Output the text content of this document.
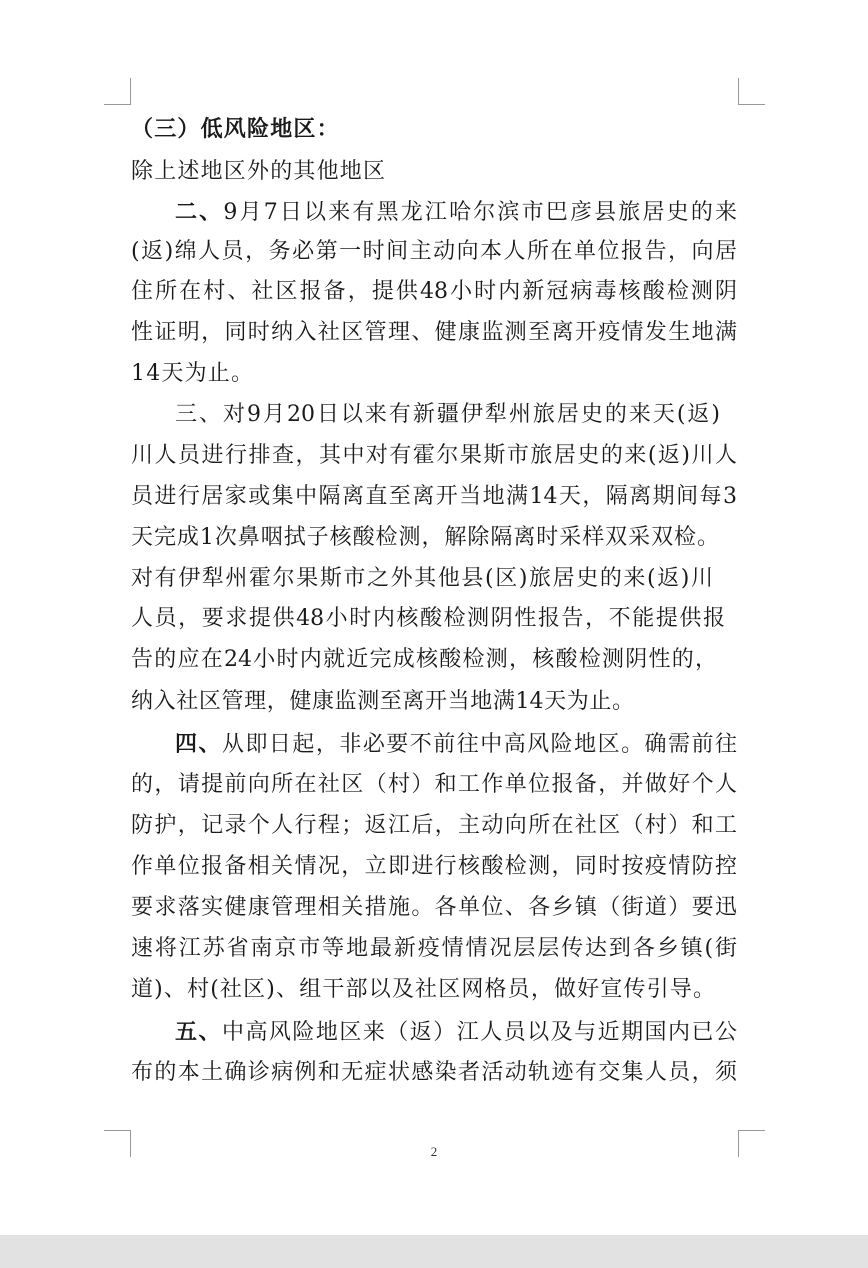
（三）低风险地区：
除上述地区外的其他地区
二、9月7日以来有黑龙江哈尔滨市巴彦县旅居史的来
(返)绵人员，务必第一时间主动向本人所在单位报告，向居
住所在村、社区报备，提供48小时内新冠病毒核酸检测阴
性证明，同时纳入社区管理、健康监测至离开疫情发生地满
14天为止。
三、对9月20日以来有新疆伊犁州旅居史的来天(返)
川人员进行排查，其中对有霍尔果斯市旅居史的来(返)川人
员进行居家或集中隔离直至离开当地满14天，隔离期间每3
天完成1次鼻咽拭子核酸检测，解除隔离时采样双采双检。
对有伊犁州霍尔果斯市之外其他县(区)旅居史的来(返)川
人员，要求提供48小时内核酸检测阴性报告，不能提供报
告的应在24小时内就近完成核酸检测，核酸检测阴性的，
纳入社区管理，健康监测至离开当地满14天为止。
四、从即日起，非必要不前往中高风险地区。确需前往
的，请提前向所在社区（村）和工作单位报备，并做好个人
防护，记录个人行程；返江后，主动向所在社区（村）和工
作单位报备相关情况，立即进行核酸检测，同时按疫情防控
要求落实健康管理相关措施。各单位、各乡镇（街道）要迅
速将江苏省南京市等地最新疫情情况层层传达到各乡镇(街
道)、村(社区)、组干部以及社区网格员，做好宣传引导。
五、中高风险地区来（返）江人员以及与近期国内已公
布的本土确诊病例和无症状感染者活动轨迹有交集人员，须
2
